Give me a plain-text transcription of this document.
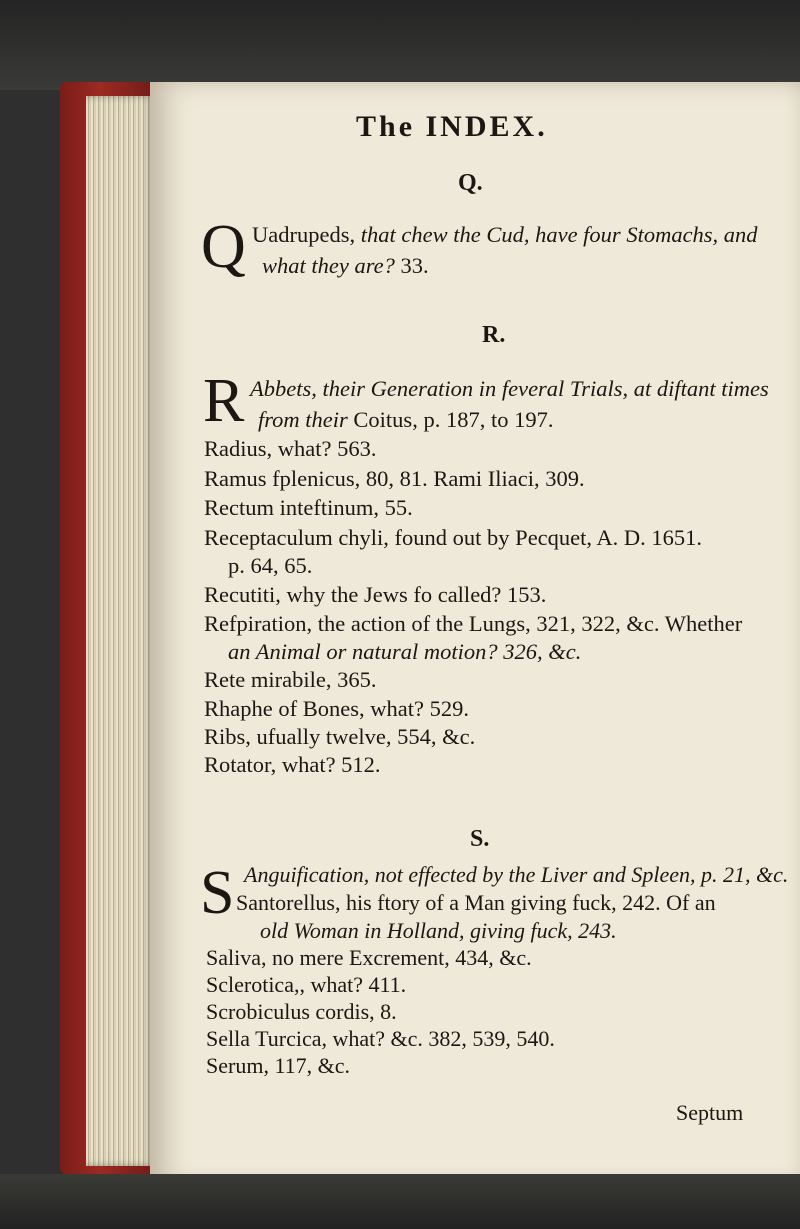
The INDEX.
Q.
Q Uadrupeds, that chew the Cud, have four Stomachs, and
what they are? 33.
R.
R Abbets, their Generation in feveral Trials, at diftant times
from their Coitus, p. 187, to 197.
Radius, what? 563.
Ramus fplenicus, 80, 81. Rami Iliaci, 309.
Rectum inteftinum, 55.
Receptaculum chyli, found out by Pecquet, A. D. 1651.
p. 64, 65.
Recutiti, why the Jews fo called? 153.
Refpiration, the action of the Lungs, 321, 322, &c. Whether
an Animal or natural motion? 326, &c.
Rete mirabile, 365.
Rhaphe of Bones, what? 529.
Ribs, ufually twelve, 554, &c.
Rotator, what? 512.
S.
S Anguification, not effected by the Liver and Spleen, p. 21, &c.
Santorellus, his ftory of a Man giving fuck, 242. Of an
old Woman in Holland, giving fuck, 243.
Saliva, no mere Excrement, 434, &c.
Sclerotica,, what? 411.
Scrobiculus cordis, 8.
Sella Turcica, what? &c. 382, 539, 540.
Serum, 117, &c.
Septum
